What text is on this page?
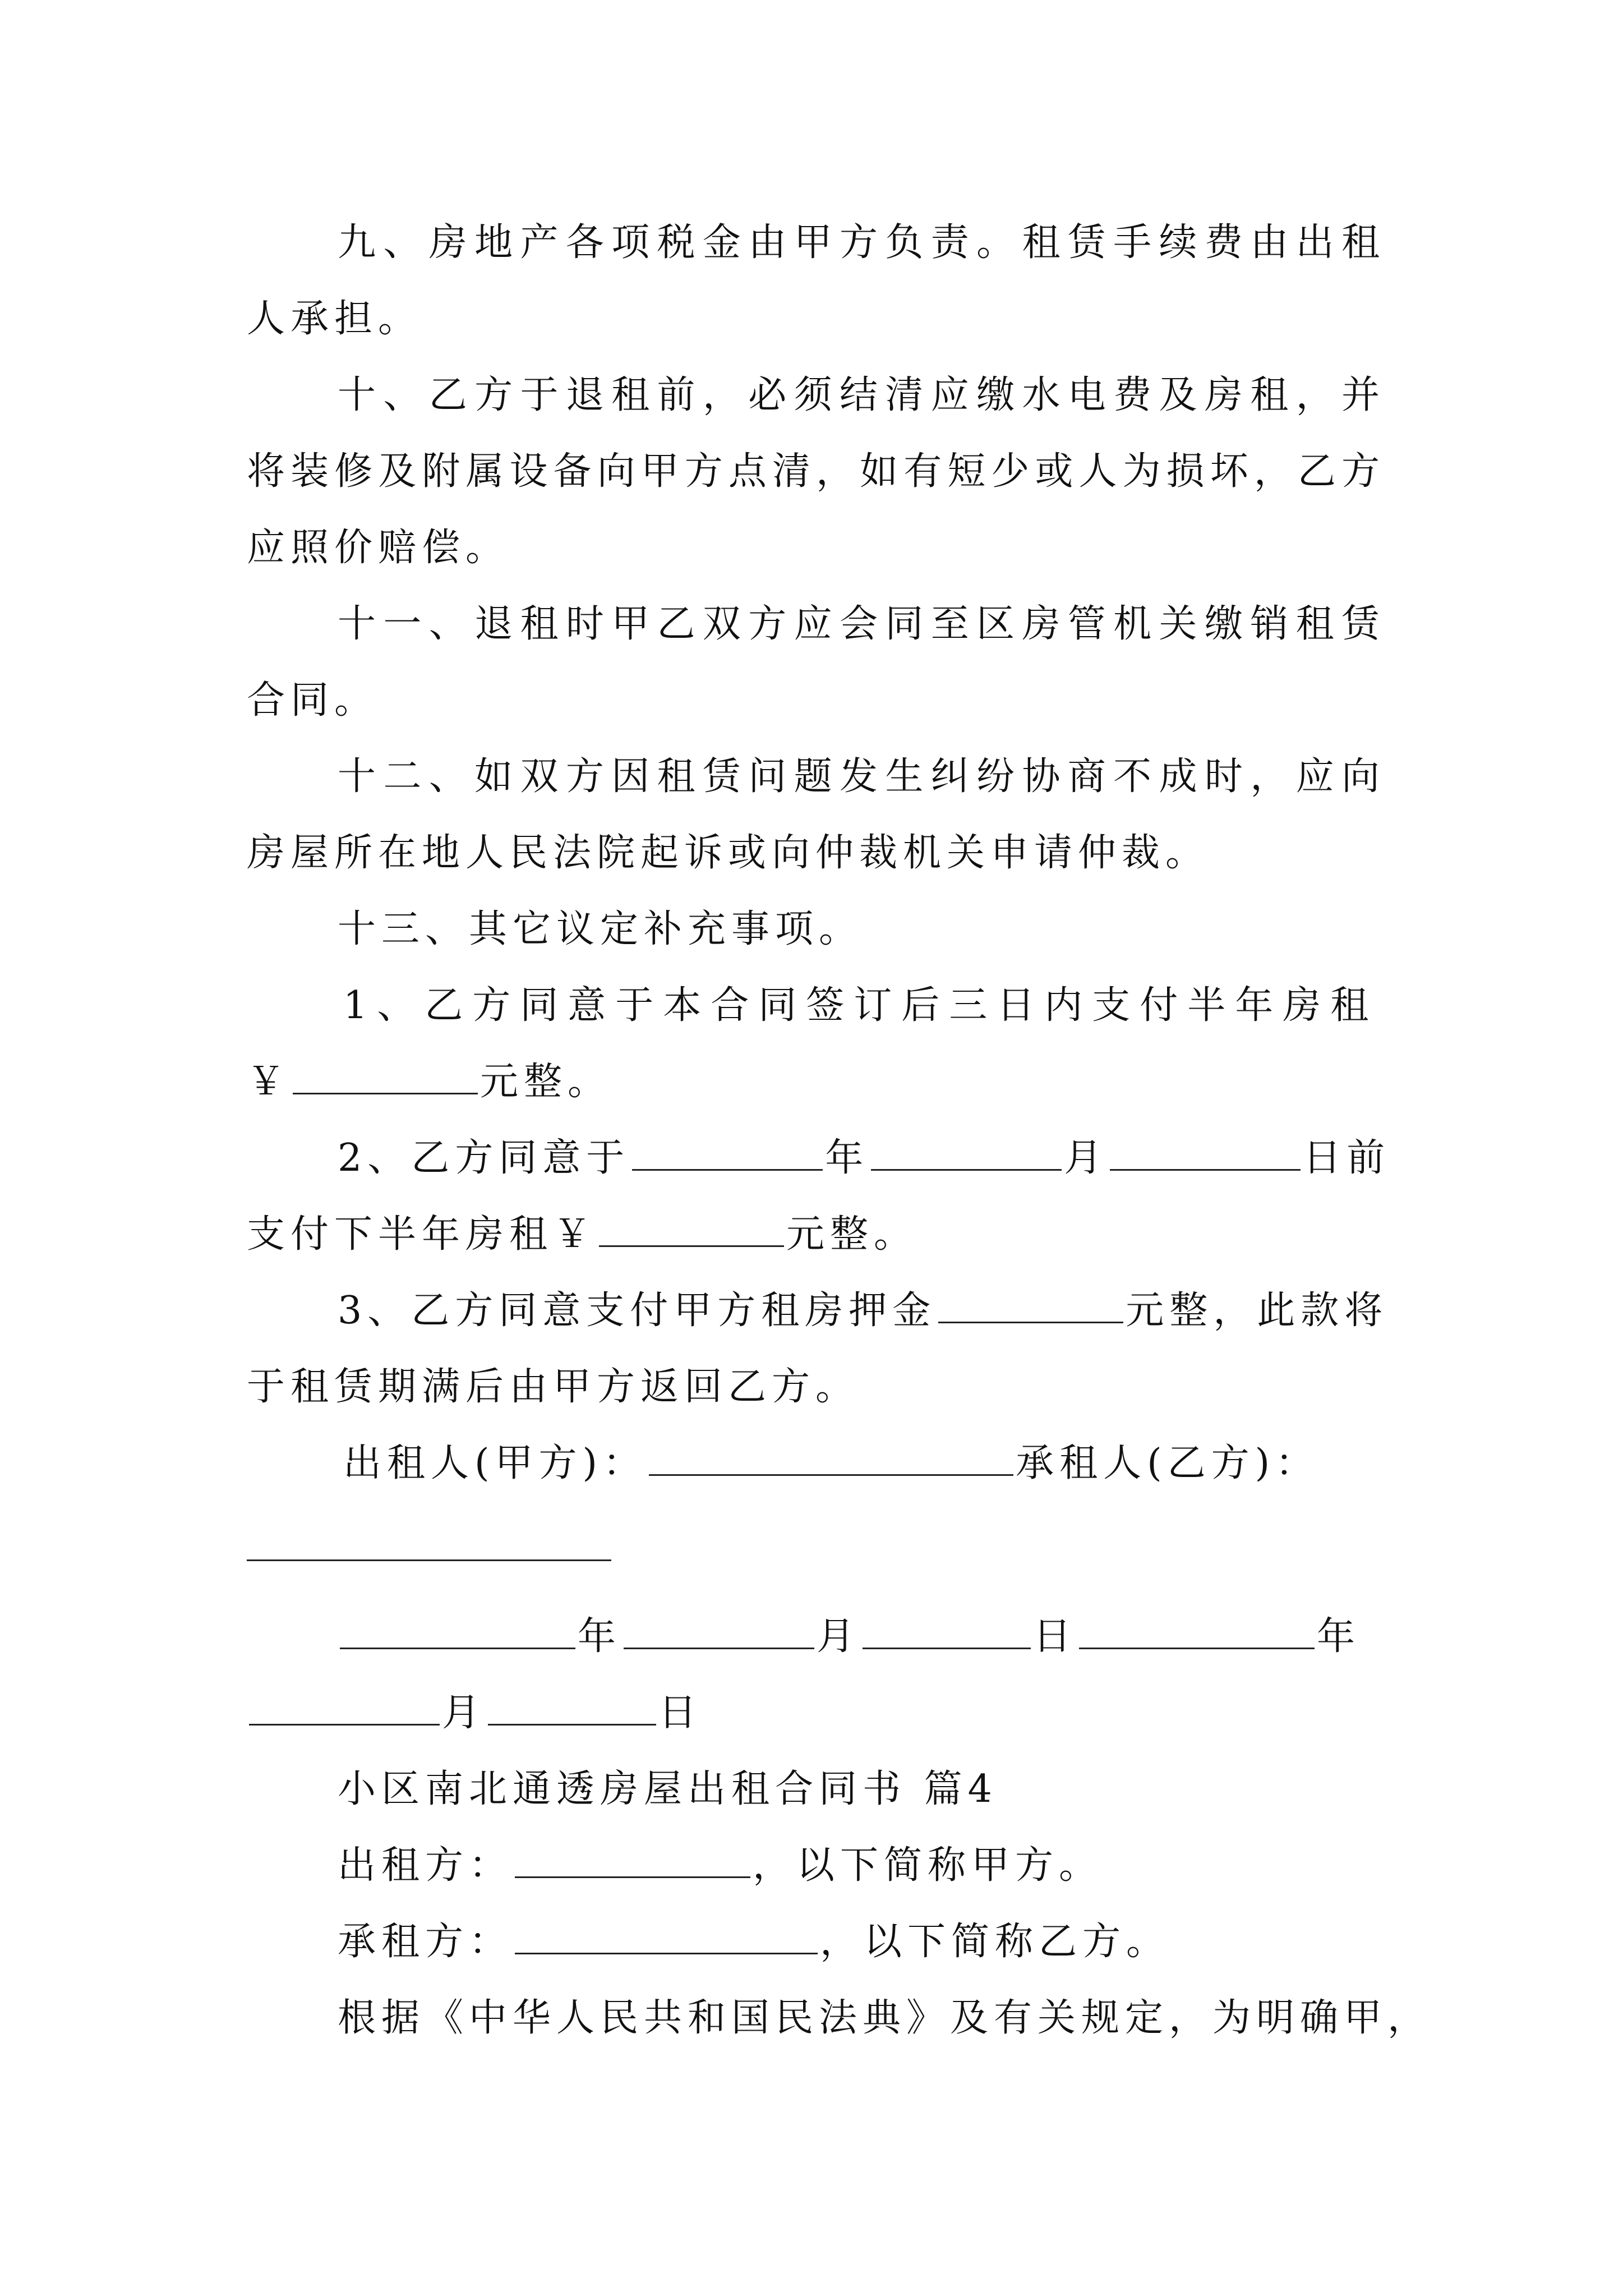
九、房地产各项税金由甲方负责。租赁手续费由出租人承担。

十、乙方于退租前，必须结清应缴水电费及房租，并将装修及附属设备向甲方点清，如有短少或人为损坏，乙方应照价赔偿。

十一、退租时甲乙双方应会同至区房管机关缴销租赁合同。

十二、如双方因租赁问题发生纠纷协商不成时，应向房屋所在地人民法院起诉或向仲裁机关申请仲裁。

十三、其它议定补充事项。
1、乙方同意于本合同签订后三日内支付半年房租
￥	元整。
2、乙方同意于	年	月	日前
支付下半年房租￥	元整。
3、乙方同意支付甲方租房押金	元整，此款将
于租赁期满后由甲方返回乙方。
出租人(甲方)：	承租人(乙方)：
年	月	日	年
月	日
小区南北通透房屋出租合同书 篇4
出租方：	，以下简称甲方。
承租方：	，以下简称乙方。
根据《中华人民共和国民法典》及有关规定，为明确甲，
